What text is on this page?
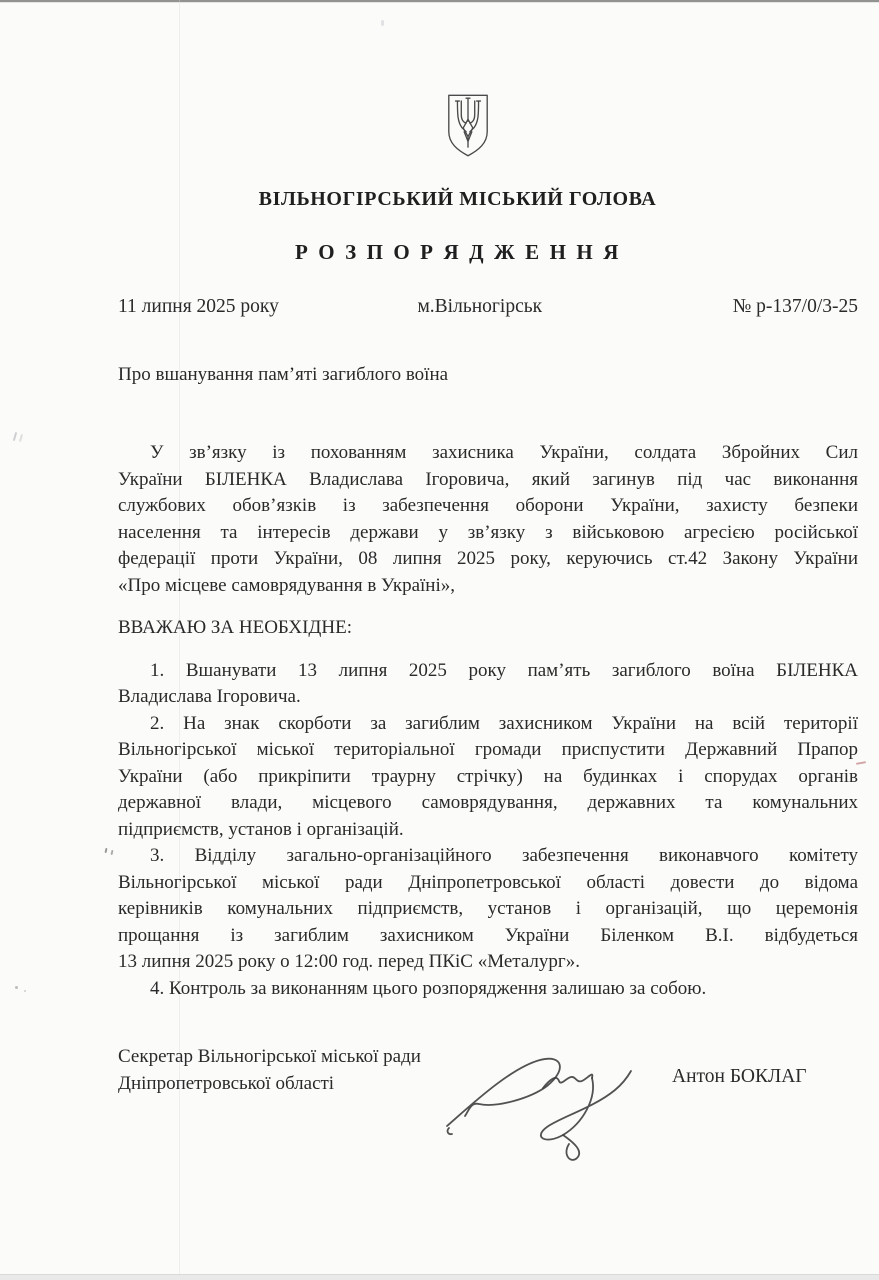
ВІЛЬНОГІРСЬКИЙ МІСЬКИЙ ГОЛОВА
Р О З П О Р Я Д Ж Е Н Н Я
11 липня 2025 року	м.Вільногірськ	№ р-137/0/3-25
Про вшанування пам’яті загиблого воїна
У зв’язку із похованням захисника України, солдата Збройних Сил
України БІЛЕНКА Владислава Ігоровича, який загинув під час виконання
службових обов’язків із забезпечення оборони України, захисту безпеки
населення та інтересів держави у зв’язку з військовою агресією російської
федерації проти України, 08 липня 2025 року, керуючись ст.42 Закону України
«Про місцеве самоврядування в Україні»,
ВВАЖАЮ ЗА НЕОБХІДНЕ:
1. Вшанувати 13 липня 2025 року пам’ять загиблого воїна БІЛЕНКА
Владислава Ігоровича.
2. На знак скорботи за загиблим захисником України на всій території
Вільногірської міської територіальної громади приспустити Державний Прапор
України (або прикріпити траурну стрічку) на будинках і спорудах органів
державної влади, місцевого самоврядування, державних та комунальних
підприємств, установ і організацій.
3. Відділу загально-організаційного забезпечення виконавчого комітету
Вільногірської міської ради Дніпропетровської області довести до відома
керівників комунальних підприємств, установ і організацій, що церемонія
прощання із загиблим захисником України Біленком В.І. відбудеться
13 липня 2025 року о 12:00 год. перед ПКіС «Металург».
4. Контроль за виконанням цього розпорядження залишаю за собою.
Секретар Вільногірської міської ради
Дніпропетровської області	Антон БОКЛАГ
